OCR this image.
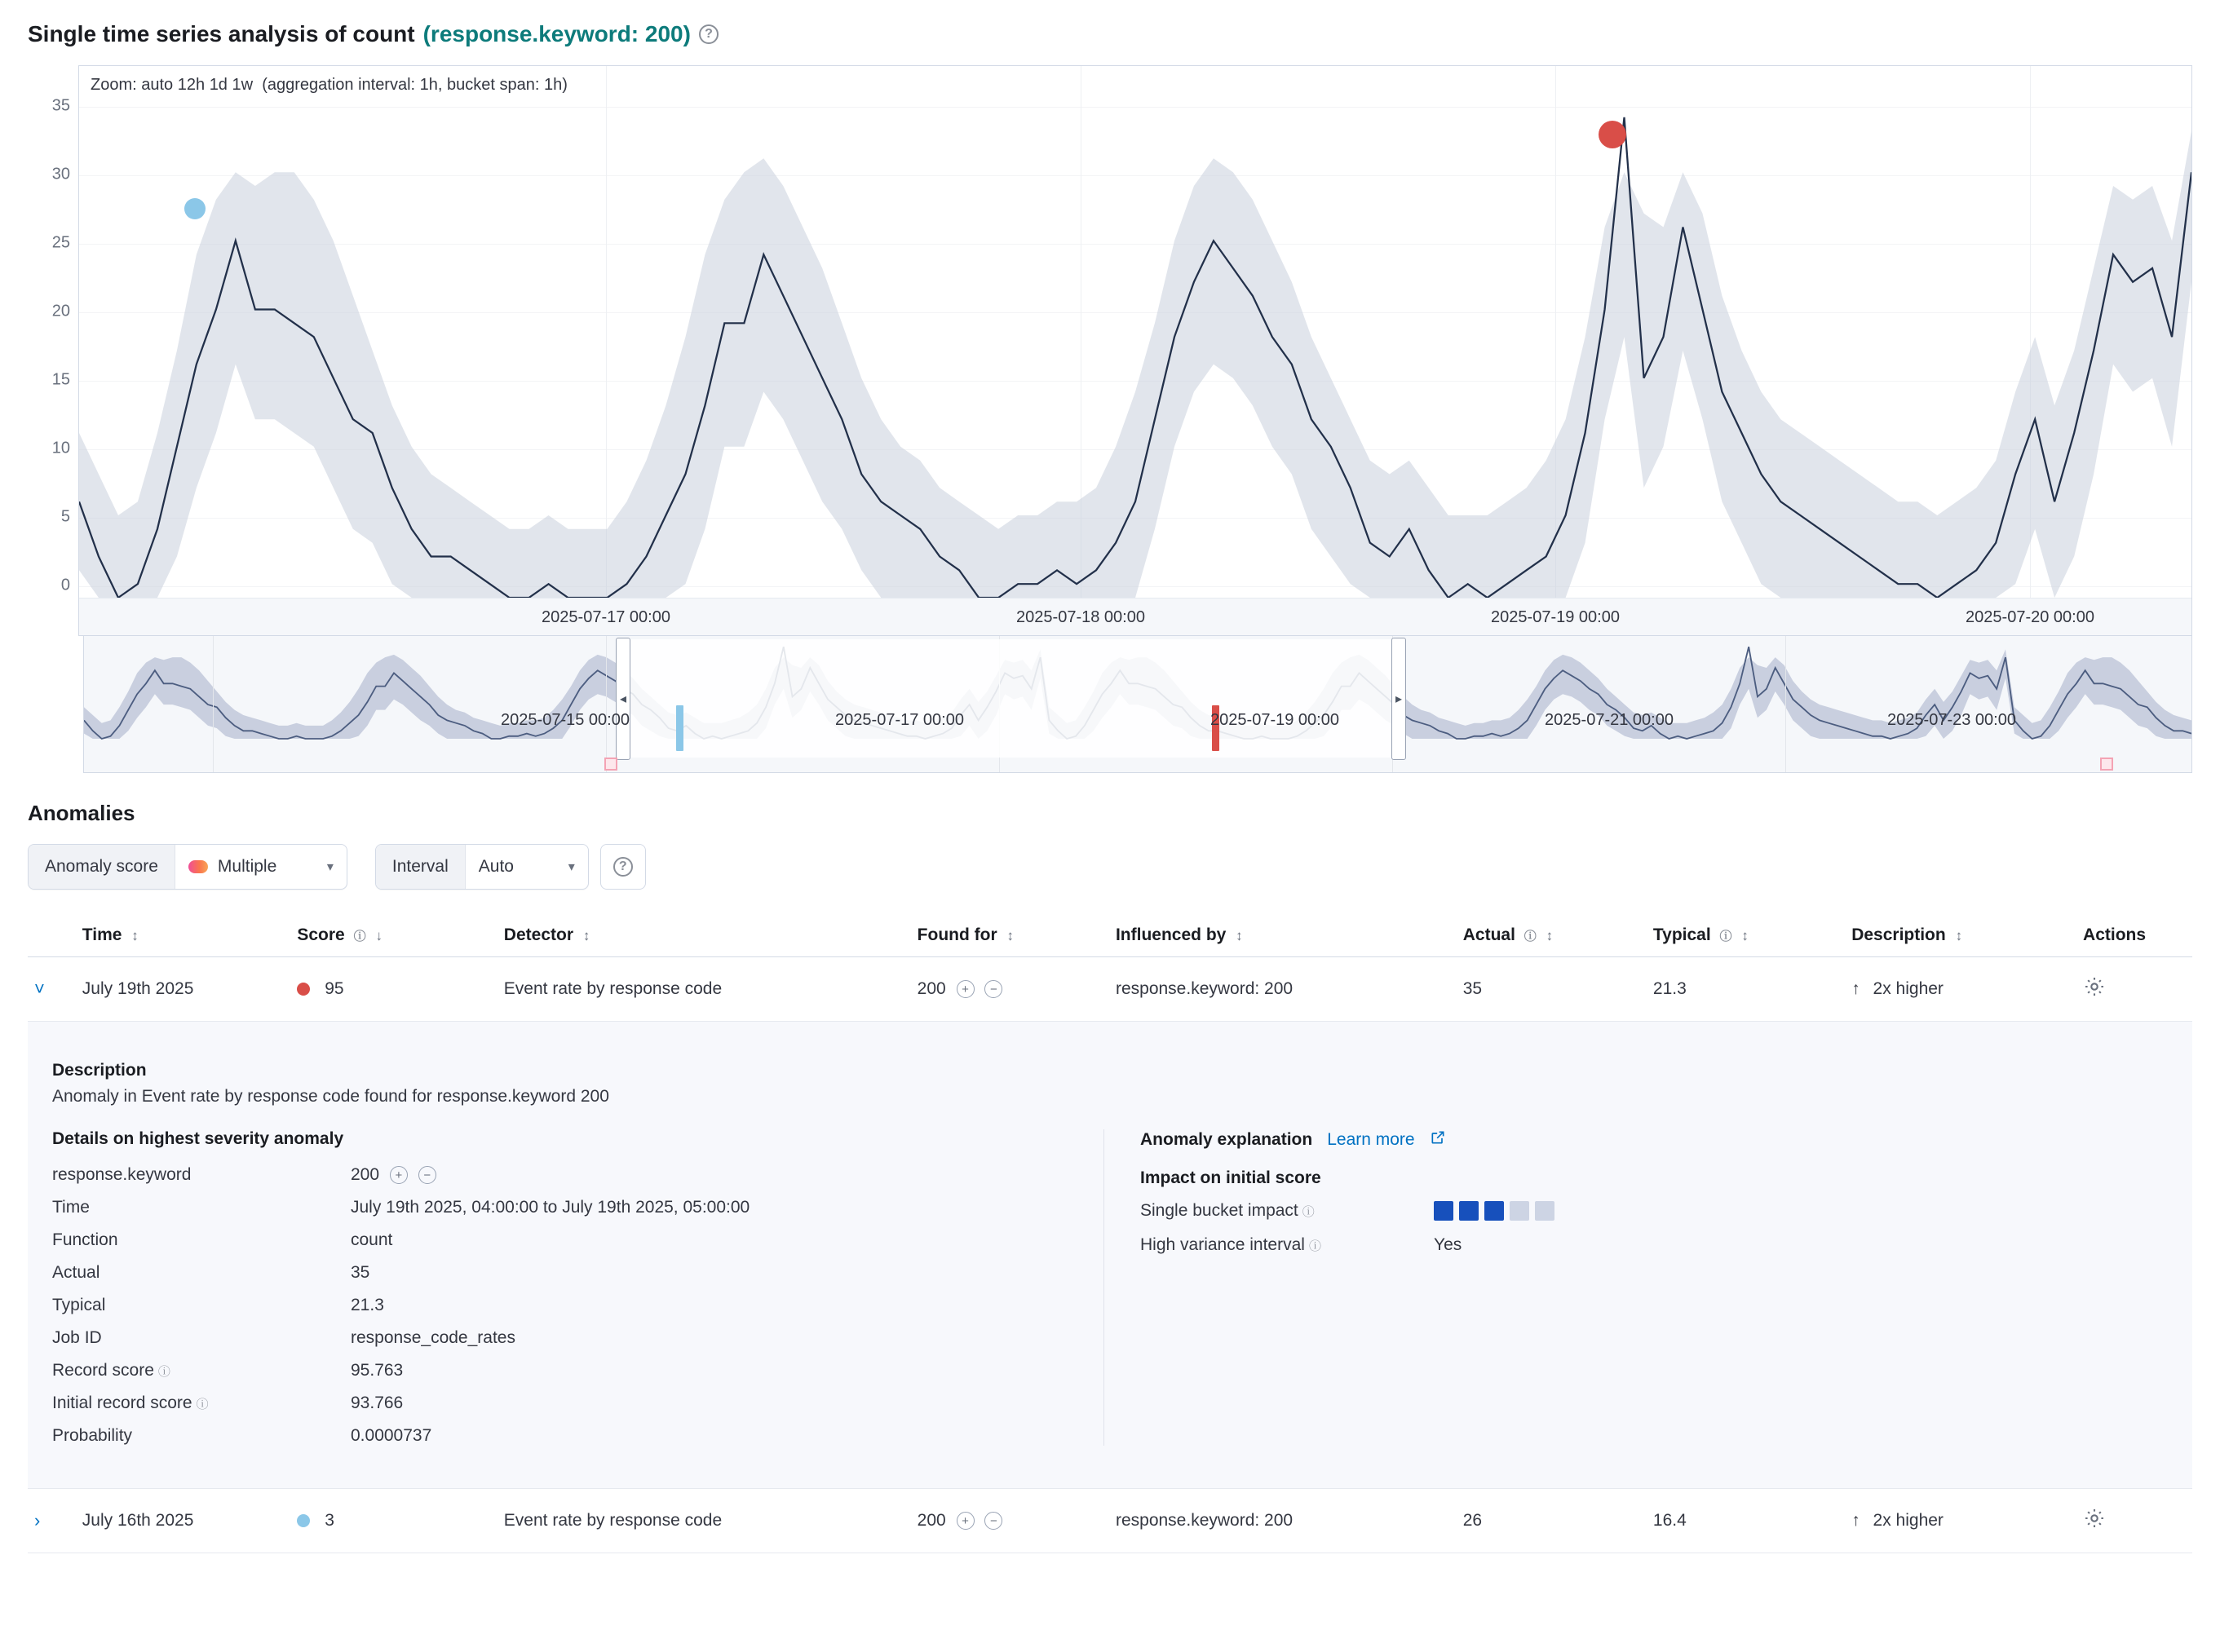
Single time series analysis of count (response.keyword: 200)	?
35
30
25
20
15
10
5
0
Zoom: auto 12h 1d 1w (aggregation interval: 1h, bucket span: 1h)
2025-07-17 00:00	2025-07-18 00:00	2025-07-19 00:00	2025-07-20 00:00
◂	▸
2025-07-15 00:00	2025-07-17 00:00	2025-07-19 00:00	2025-07-21 00:00	2025-07-23 00:00
Anomalies
Anomaly score	Multiple	▾	Interval	Auto	▾	?
	Time ↕	Score ⓘ ↓	Detector ↕	Found for ↕	Influenced by ↕	Actual ⓘ ↕	Typical ⓘ ↕	Description ↕	Actions
˅	July 19th 2025	95	Event rate by response code	200 + −	response.keyword: 200	35	21.3	↑ 2x higher	

Description
Anomaly in Event rate by response code found for response.keyword 200
Details on highest severity anomaly
response.keyword	200 + −
Time	July 19th 2025, 04:00:00 to July 19th 2025, 05:00:00
Function	count
Actual	35
Typical	21.3
Job ID	response_code_rates
Record score ⓘ	95.763
Initial record score ⓘ	93.766
Probability	0.0000737
Anomaly explanation Learn more
Impact on initial score
Single bucket impact ⓘ
High variance interval ⓘ	Yes

›	July 16th 2025	3	Event rate by response code	200 + −	response.keyword: 200	26	16.4	↑ 2x higher	
